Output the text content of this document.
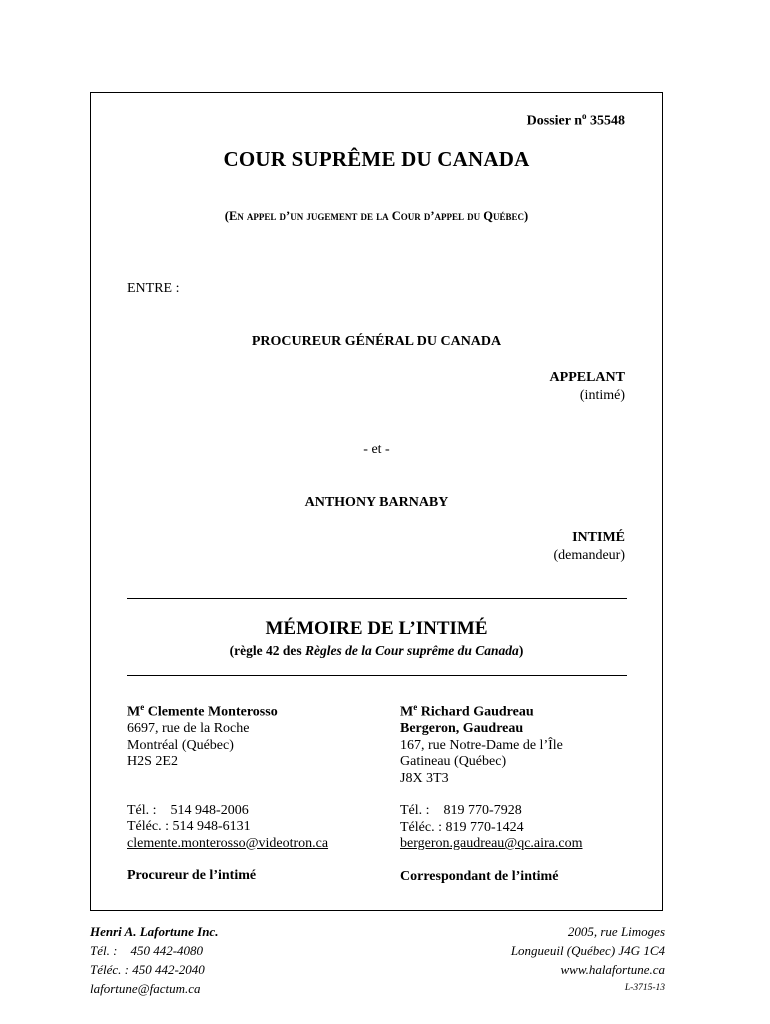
Dossier $n^o$ 35548
COUR SUPRÊME DU CANADA
(En appel d’un jugement de la Cour d’appel du Québec)
ENTRE :
PROCUREUR GÉNÉRAL DU CANADA
APPELANT
(intimé)
- et -
ANTHONY BARNABY
INTIMÉ
(demandeur)
MÉMOIRE DE L’INTIMÉ
(règle 42 des Règles de la Cour suprême du Canada)
Me Clemente Monterosso
6697, rue de la Roche
Montréal (Québec)
H2S 2E2
Tél. :    514 948-2006
Téléc. : 514 948-6131
clemente.monterosso@videotron.ca
Procureur de l’intimé
Me Richard Gaudreau
Bergeron, Gaudreau
167, rue Notre-Dame de l’Île
Gatineau (Québec)
J8X 3T3
Tél. :    819 770-7928
Téléc. : 819 770-1424
bergeron.gaudreau@qc.aira.com
Correspondant de l’intimé
Henri A. Lafortune Inc.
Tél. :    450 442-4080
Téléc. : 450 442-2040
lafortune@factum.ca
2005, rue Limoges
Longueuil (Québec) J4G 1C4
www.halafortune.ca
L-3715-13
